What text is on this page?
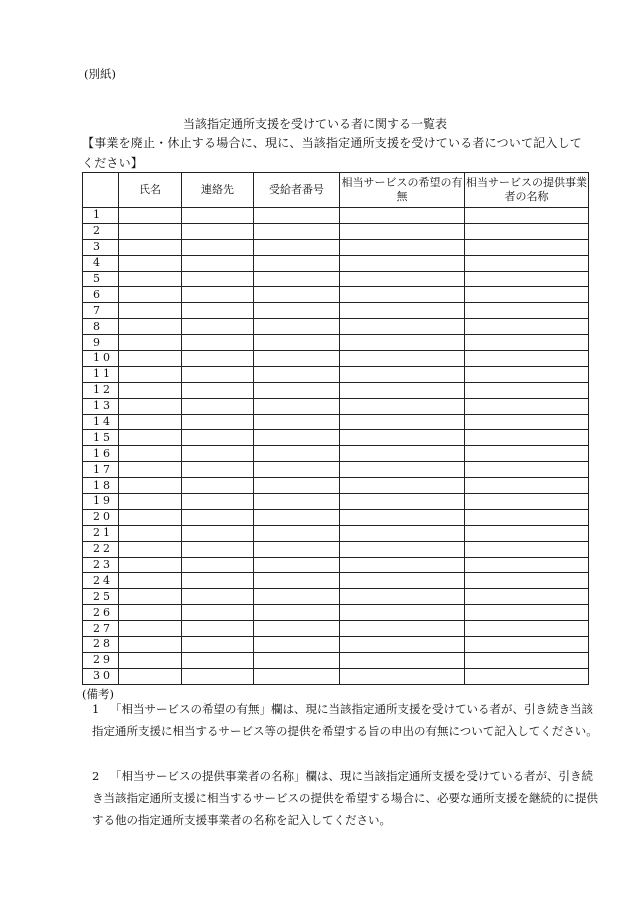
(別紙)
当該指定通所支援を受けている者に関する一覧表
【事業を廃止・休止する場合に、現に、当該指定通所支援を受けている者について記入してください】
	氏名	連絡先	受給者番号	相当サービスの希望の有無	相当サービスの提供事業者の名称
1					
2					
3					
4					
5					
6					
7					
8					
9					
10					
11					
12					
13					
14					
15					
16					
17					
18					
19					
20					
21					
22					
23					
24					
25					
26					
27					
28					
29					
30					
(備考)
1 「相当サービスの希望の有無」欄は、現に当該指定通所支援を受けている者が、引き続き当該指定通所支援に相当するサービス等の提供を希望する旨の申出の有無について記入してください。
2 「相当サービスの提供事業者の名称」欄は、現に当該指定通所支援を受けている者が、引き続き当該指定通所支援に相当するサービスの提供を希望する場合に、必要な通所支援を継続的に提供する他の指定通所支援事業者の名称を記入してください。
